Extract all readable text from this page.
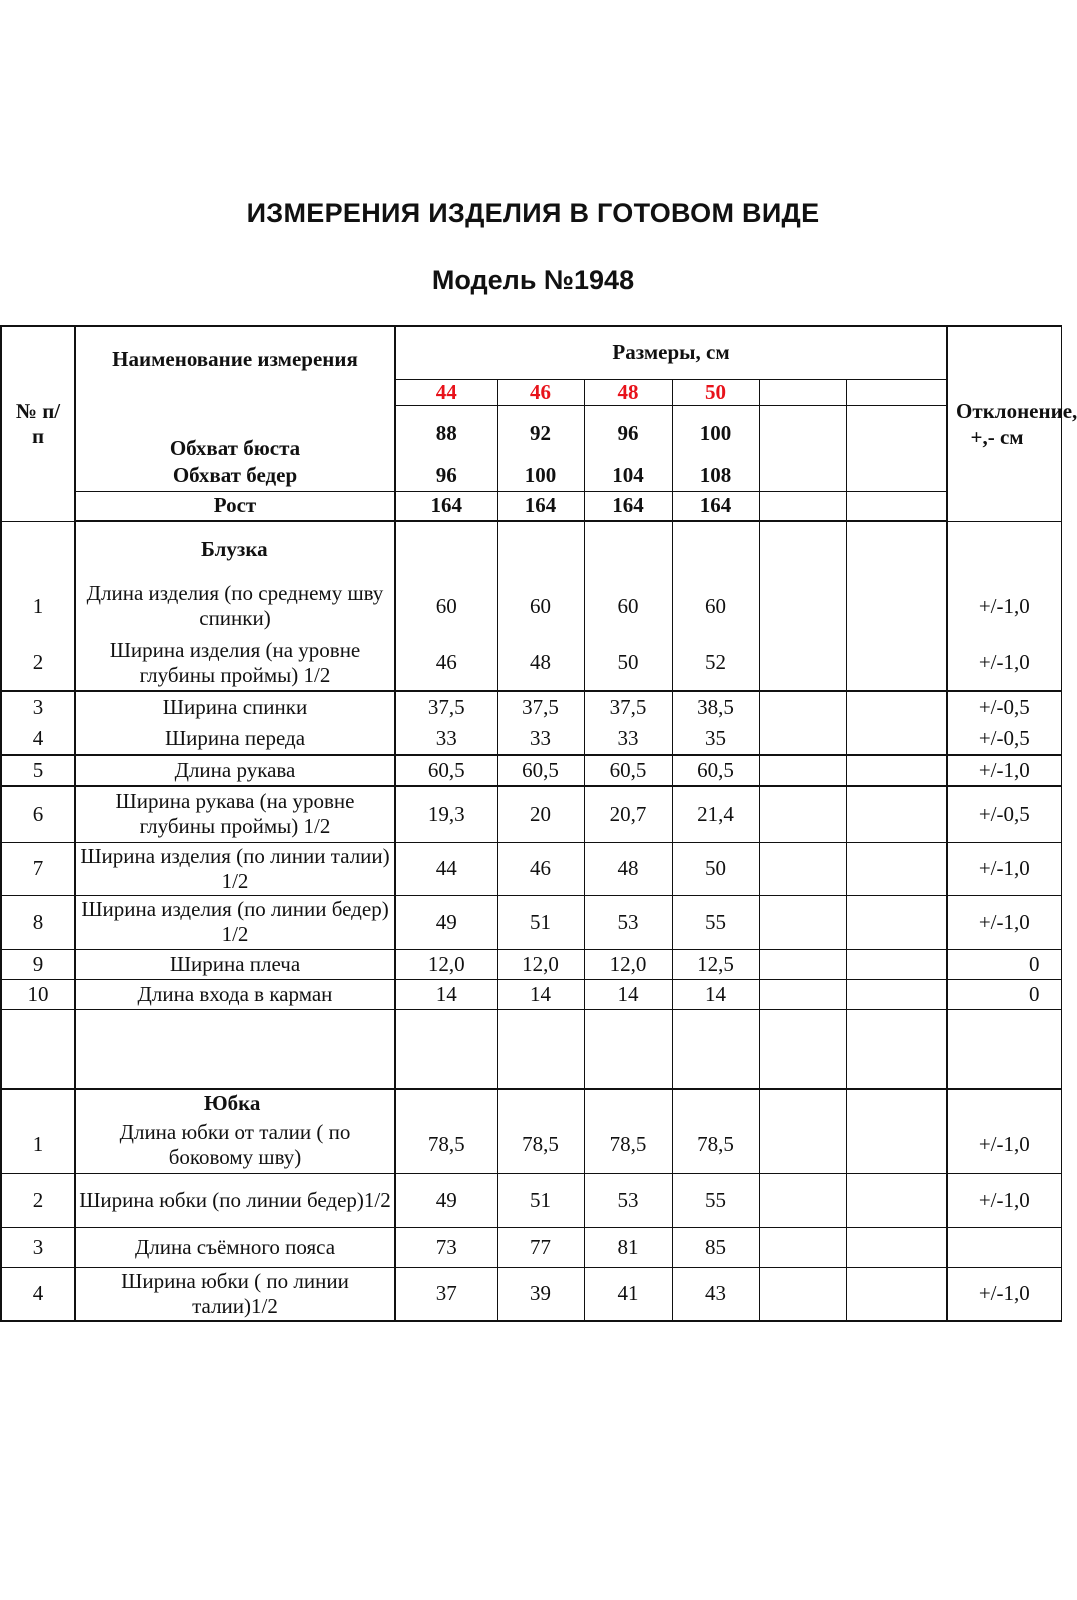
ИЗМЕРЕНИЯ ИЗДЕЛИЯ В ГОТОВОМ ВИДЕ
Модель №1948
№ п/п	Наименование измерения	Размеры, см						Отклонение, +,- см

		44	46	48	50			
	Обхват бюста	88	92	96	100			
	Обхват бедер	96	100	104	108			
	Рост	164	164	164	164			
	Блузка							
1	Длина изделия (по среднему шву спинки)	60	60	60	60			+/-1,0
2	Ширина изделия (на уровне глубины проймы) 1/2	46	48	50	52			+/-1,0
3	Ширина спинки	37,5	37,5	37,5	38,5			+/-0,5
4	Ширина переда	33	33	33	35			+/-0,5
5	Длина рукава	60,5	60,5	60,5	60,5			+/-1,0
6	Ширина рукава (на уровне глубины проймы) 1/2	19,3	20	20,7	21,4			+/-0,5
7	Ширина изделия (по линии талии) 1/2	44	46	48	50			+/-1,0
8	Ширина изделия (по линии бедер) 1/2	49	51	53	55			+/-1,0
9	Ширина плеча	12,0	12,0	12,0	12,5			0
10	Длина входа в карман	14	14	14	14			0

	Юбка							
1	Длина юбки от талии ( по боковому шву)	78,5	78,5	78,5	78,5			+/-1,0
2	Ширина юбки (по линии бедер)1/2	49	51	53	55			+/-1,0
3	Длина съёмного пояса	73	77	81	85			
4	Ширина юбки ( по линии талии)1/2	37	39	41	43			+/-1,0
